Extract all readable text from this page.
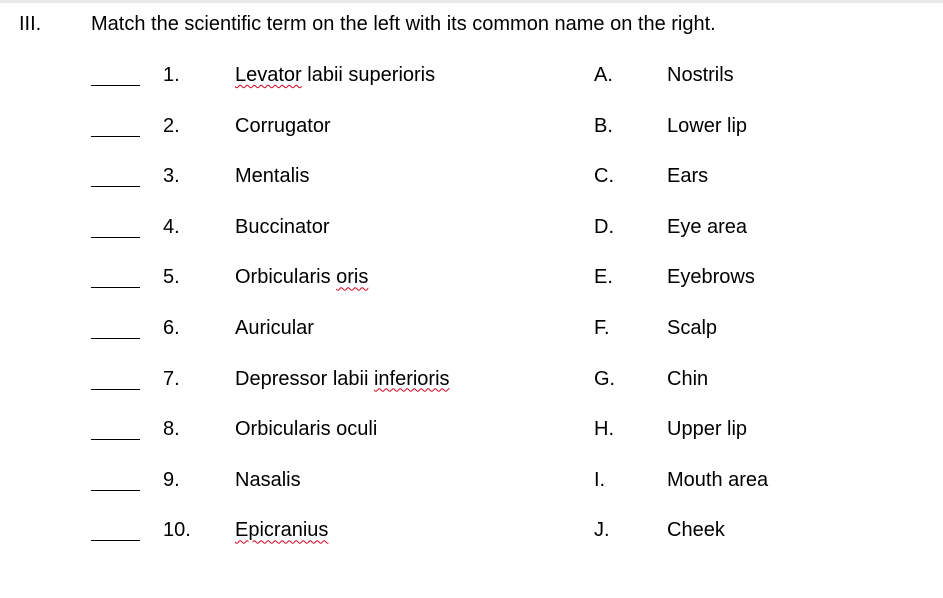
III. Match the scientific term on the left with its common name on the right.
1.	Levator labii superioris	A.	Nostrils
2.	Corrugator	B.	Lower lip
3.	Mentalis	C.	Ears
4.	Buccinator	D.	Eye area
5.	Orbicularis oris	E.	Eyebrows
6.	Auricular	F.	Scalp
7.	Depressor labii inferioris	G.	Chin
8.	Orbicularis oculi	H.	Upper lip
9.	Nasalis	I.	Mouth area
10. Epicranius	J.	Cheek
